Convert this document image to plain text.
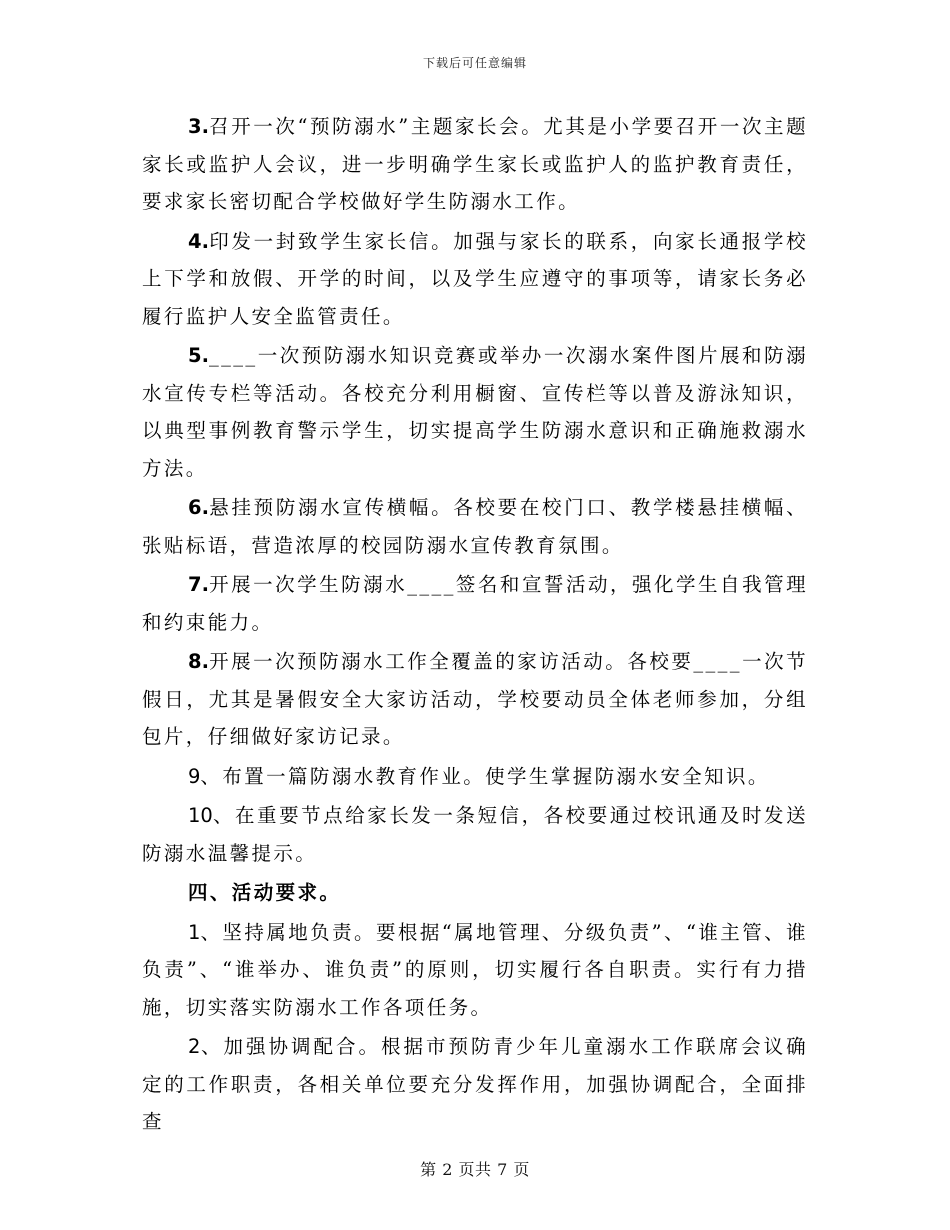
下载后可任意编辑

3.召开一次“预防溺水”主题家长会。尤其是小学要召开一次主题家长或监护人会议，进一步明确学生家长或监护人的监护教育责任，要求家长密切配合学校做好学生防溺水工作。

4.印发一封致学生家长信。加强与家长的联系，向家长通报学校上下学和放假、开学的时间，以及学生应遵守的事项等，请家长务必履行监护人安全监管责任。

5.____一次预防溺水知识竞赛或举办一次溺水案件图片展和防溺水宣传专栏等活动。各校充分利用橱窗、宣传栏等以普及游泳知识，以典型事例教育警示学生，切实提高学生防溺水意识和正确施救溺水方法。

6.悬挂预防溺水宣传横幅。各校要在校门口、教学楼悬挂横幅、张贴标语，营造浓厚的校园防溺水宣传教育氛围。

7.开展一次学生防溺水____签名和宣誓活动，强化学生自我管理和约束能力。

8.开展一次预防溺水工作全覆盖的家访活动。各校要____一次节假日，尤其是暑假安全大家访活动，学校要动员全体老师参加，分组包片，仔细做好家访记录。

9、布置一篇防溺水教育作业。使学生掌握防溺水安全知识。

10、在重要节点给家长发一条短信，各校要通过校讯通及时发送防溺水温馨提示。

四、活动要求。

1、坚持属地负责。要根据“属地管理、分级负责”、“谁主管、谁负责”、“谁举办、谁负责”的原则，切实履行各自职责。实行有力措施，切实落实防溺水工作各项任务。

2、加强协调配合。根据市预防青少年儿童溺水工作联席会议确定的工作职责，各相关单位要充分发挥作用，加强协调配合，全面排查

第 2 页共 7 页
